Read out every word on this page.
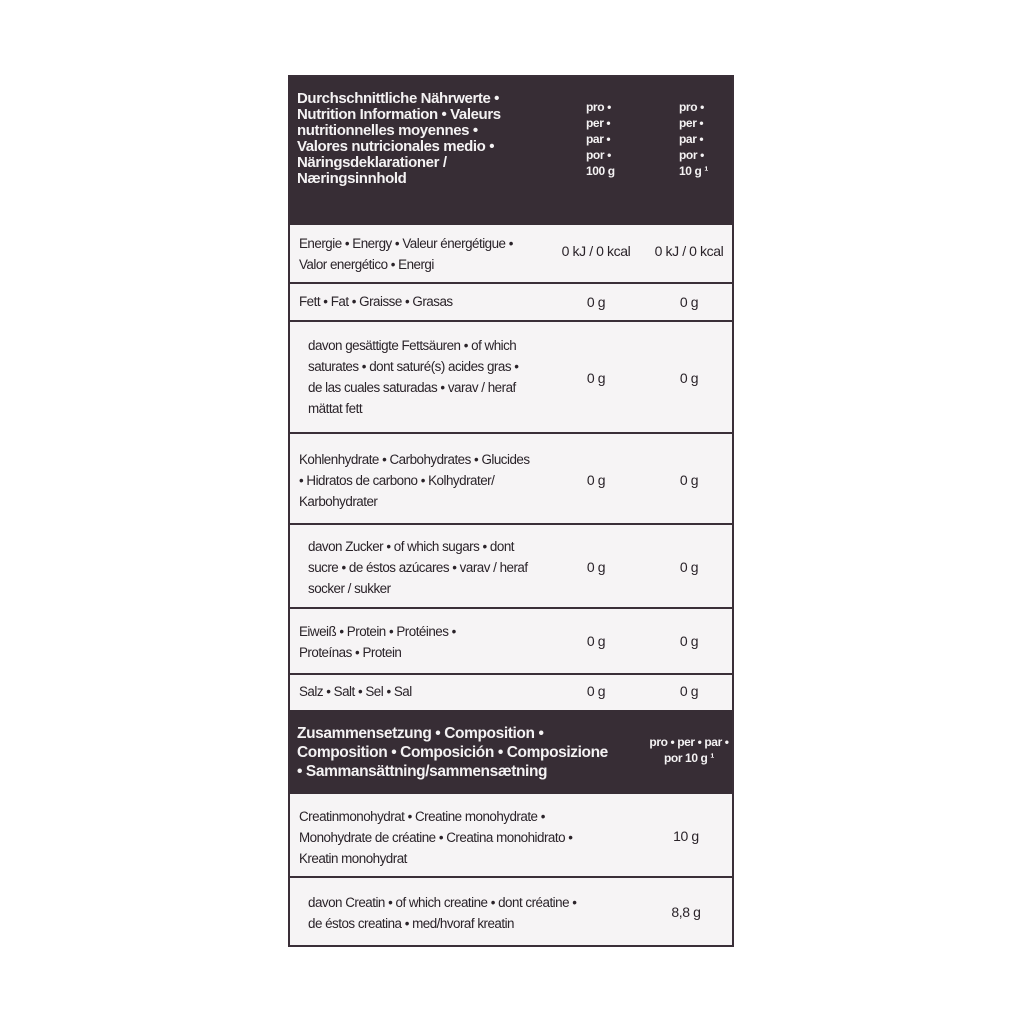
Durchschnittliche Nährwerte •
Nutrition Information • Valeurs
nutritionnelles moyennes •
Valores nutricionales medio •
Näringsdeklarationer /
Næringsinnhold
pro •
per •
par •
por •
100 g
pro •
per •
par •
por •
10 g ¹
Energie • Energy • Valeur énergétigue •
Valor energético • Energi
0 kJ / 0 kcal	0 kJ / 0 kcal
Fett • Fat • Graisse • Grasas	0 g	0 g
davon gesättigte Fettsäuren • of which
saturates • dont saturé(s) acides gras •
de las cuales saturadas • varav / heraf
mättat fett
0 g	0 g
Kohlenhydrate • Carbohydrates • Glucides
• Hidratos de carbono • Kolhydrater/
Karbohydrater
0 g	0 g
davon Zucker • of which sugars • dont
sucre • de éstos azúcares • varav / heraf
socker / sukker
0 g	0 g
Eiweiß • Protein • Protéines •
Proteínas • Protein
0 g	0 g
Salz • Salt • Sel • Sal	0 g	0 g
Zusammensetzung • Composition •
Composition • Composición • Composizione
• Sammansättning/sammensætning
pro • per • par •
por 10 g ¹
Creatinmonohydrat • Creatine monohydrate •
Monohydrate de créatine • Creatina monohidrato •
Kreatin monohydrat
10 g
davon Creatin • of which creatine • dont créatine •
de éstos creatina • med/hvoraf kreatin
8,8 g
